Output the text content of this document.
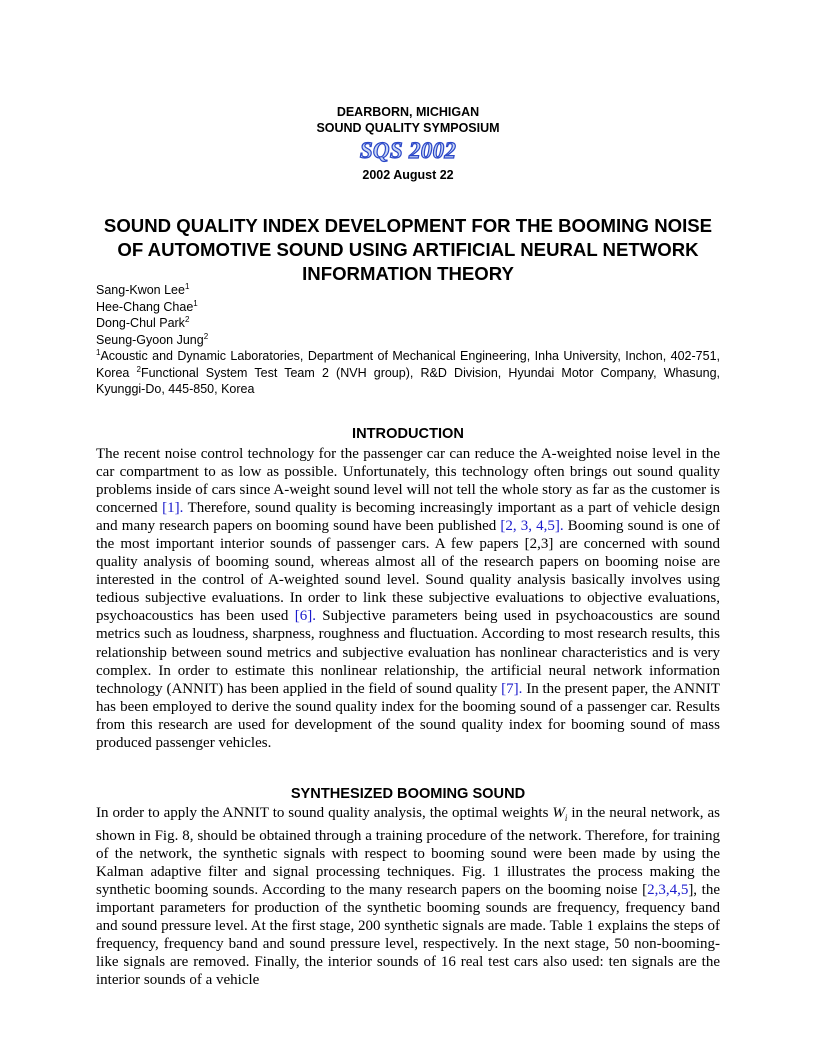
DEARBORN, MICHIGAN
SOUND QUALITY SYMPOSIUM
SQS 2002
2002 August 22
SOUND QUALITY INDEX DEVELOPMENT FOR THE BOOMING NOISE OF AUTOMOTIVE SOUND USING ARTIFICIAL NEURAL NETWORK INFORMATION THEORY
Sang-Kwon Lee$^1$
Hee-Chang Chae$^1$
Dong-Chul Park$^2$
Seung-Gyoon Jung$^2$
$^1$Acoustic and Dynamic Laboratories, Department of Mechanical Engineering, Inha University, Inchon, 402-751, Korea $^2$Functional System Test Team 2 (NVH group), R&D Division, Hyundai Motor Company, Whasung, Kyunggi-Do, 445-850, Korea
INTRODUCTION
The recent noise control technology for the passenger car can reduce the A-weighted noise level in the car compartment to as low as possible. Unfortunately, this technology often brings out sound quality problems inside of cars since A-weight sound level will not tell the whole story as far as the customer is concerned [1]. Therefore, sound quality is becoming increasingly important as a part of vehicle design and many research papers on booming sound have been published [2, 3, 4,5]. Booming sound is one of the most important interior sounds of passenger cars. A few papers [2,3] are concerned with sound quality analysis of booming sound, whereas almost all of the research papers on booming noise are interested in the control of A-weighted sound level. Sound quality analysis basically involves using tedious subjective evaluations. In order to link these subjective evaluations to objective evaluations, psychoacoustics has been used [6]. Subjective parameters being used in psychoacoustics are sound metrics such as loudness, sharpness, roughness and fluctuation. According to most research results, this relationship between sound metrics and subjective evaluation has nonlinear characteristics and is very complex. In order to estimate this nonlinear relationship, the artificial neural network information technology (ANNIT) has been applied in the field of sound quality [7]. In the present paper, the ANNIT has been employed to derive the sound quality index for the booming sound of a passenger car. Results from this research are used for development of the sound quality index for booming sound of mass produced passenger vehicles.
SYNTHESIZED BOOMING SOUND
In order to apply the ANNIT to sound quality analysis, the optimal weights $W_i$ in the neural network, as shown in Fig. 8, should be obtained through a training procedure of the network. Therefore, for training of the network, the synthetic signals with respect to booming sound were been made by using the Kalman adaptive filter and signal processing techniques. Fig. 1 illustrates the process making the synthetic booming sounds. According to the many research papers on the booming noise [2,3,4,5], the important parameters for production of the synthetic booming sounds are frequency, frequency band and sound pressure level. At the first stage, 200 synthetic signals are made. Table 1 explains the steps of frequency, frequency band and sound pressure level, respectively. In the next stage, 50 non-booming-like signals are removed. Finally, the interior sounds of 16 real test cars also used: ten signals are the interior sounds of a vehicle
